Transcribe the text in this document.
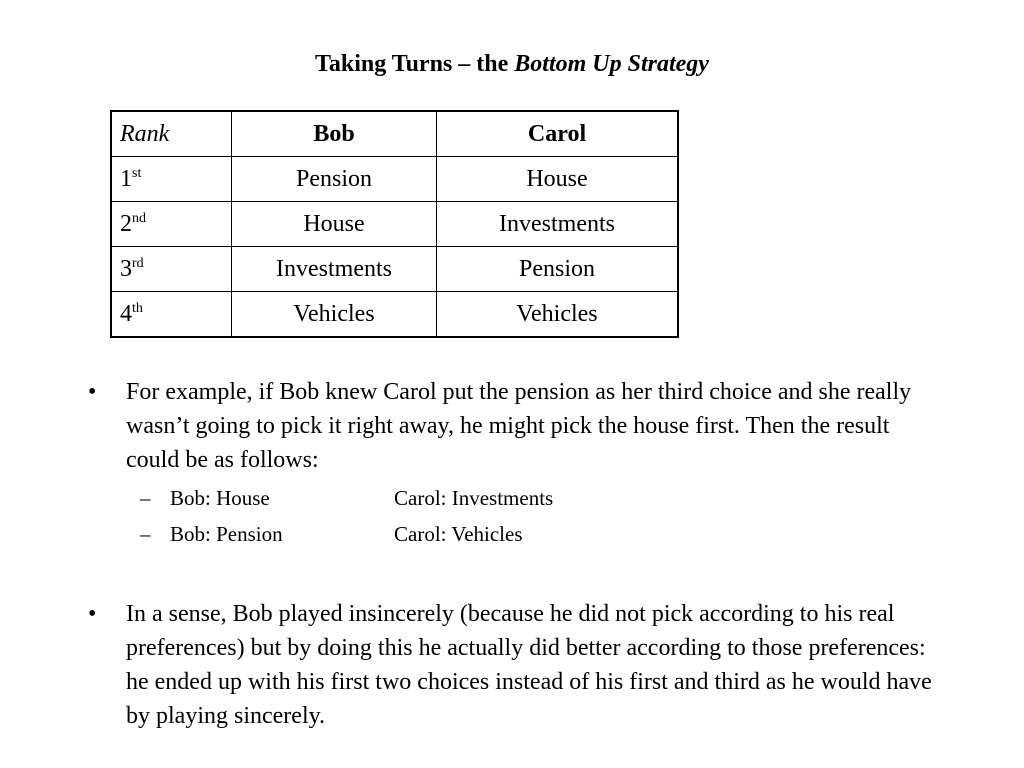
Taking Turns – the Bottom Up Strategy
Rank	Bob	Carol
1st	Pension	House
2nd	House	Investments
3rd	Investments	Pension
4th	Vehicles	Vehicles
• For example, if Bob knew Carol put the pension as her third choice and she really wasn’t going to pick it right away, he might pick the house first. Then the result could be as follows:
– Bob: House	Carol: Investments
– Bob: Pension	Carol: Vehicles
• In a sense, Bob played insincerely (because he did not pick according to his real preferences) but by doing this he actually did better according to those preferences: he ended up with his first two choices instead of his first and third as he would have by playing sincerely.
